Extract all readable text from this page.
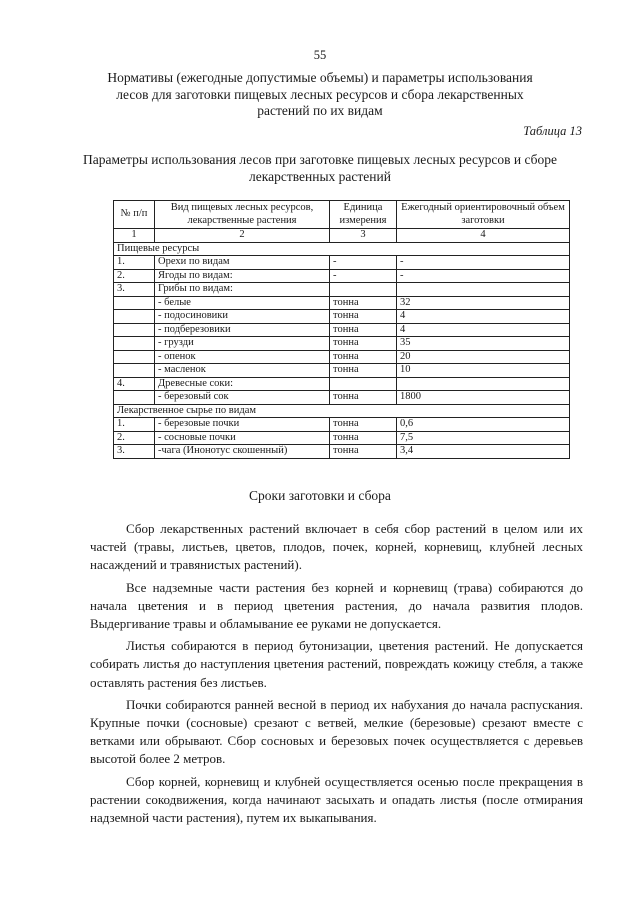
55
Нормативы (ежегодные допустимые объемы) и параметры использования лесов для заготовки пищевых лесных ресурсов и сбора лекарственных растений по их видам
Таблица 13
Параметры использования лесов при заготовке пищевых лесных ресурсов и сборе лекарственных растений
№ п/п	Вид пищевых лесных ресурсов, лекарственные растения	Единица измерения	Ежегодный ориентировочный объем заготовки
1	2	3	4
Пищевые ресурсы			
1.	Орехи по видам	-	-
2.	Ягоды по видам:	-	-
3.	Грибы по видам:		
	- белые	тонна	32
	- подосиновики	тонна	4
	- подберезовики	тонна	4
	- грузди	тонна	35
	- опенок	тонна	20
	- масленок	тонна	10
4.	Древесные соки:		
	- березовый сок	тонна	1800
Лекарственное сырье по видам			
1.	- березовые почки	тонна	0,6
2.	- сосновые почки	тонна	7,5
3.	-чага (Инонотус скошенный)	тонна	3,4
Сроки заготовки и сбора

Сбор лекарственных растений включает в себя сбор растений в целом или их частей (травы, листьев, цветов, плодов, почек, корней, корневищ, клубней лесных насаждений и травянистых растений).

Все надземные части растения без корней и корневищ (трава) собираются до начала цветения и в период цветения растения, до начала развития плодов. Выдергивание травы и обламывание ее руками не допускается.

Листья собираются в период бутонизации, цветения растений. Не допускается собирать листья до наступления цветения растений, повреждать кожицу стебля, а также оставлять растения без листьев.

Почки собираются ранней весной в период их набухания до начала распускания. Крупные почки (сосновые) срезают с ветвей, мелкие (березовые) срезают вместе с ветками или обрывают. Сбор сосновых и березовых почек осуществляется с деревьев высотой более 2 метров.

Сбор корней, корневищ и клубней осуществляется осенью после прекращения в растении сокодвижения, когда начинают засыхать и опадать листья (после отмирания надземной части растения), путем их выкапывания.
